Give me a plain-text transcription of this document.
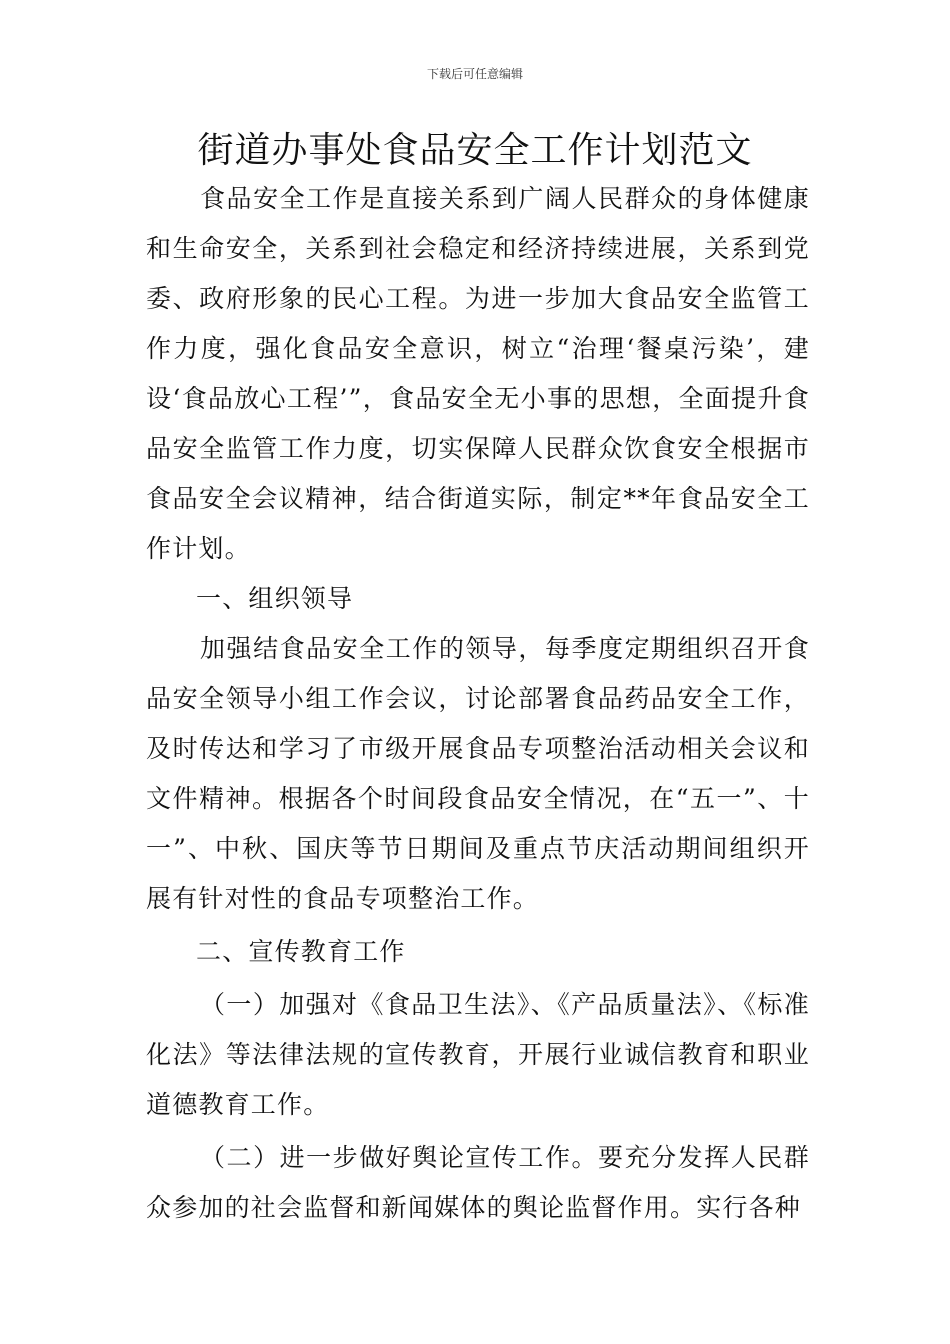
下载后可任意编辑
街道办事处食品安全工作计划范文

食品安全工作是直接关系到广阔人民群众的身体健康和生命安全，关系到社会稳定和经济持续进展，关系到党委、政府形象的民心工程。为进一步加大食品安全监管工作力度，强化食品安全意识，树立“治理‘餐桌污染’，建设‘食品放心工程’”，食品安全无小事的思想，全面提升食品安全监管工作力度，切实保障人民群众饮食安全根据市食品安全会议精神，结合街道实际，制定**年食品安全工作计划。

一、组织领导

加强结食品安全工作的领导，每季度定期组织召开食品安全领导小组工作会议，讨论部署食品药品安全工作，及时传达和学习了市级开展食品专项整治活动相关会议和文件精神。根据各个时间段食品安全情况，在“五一”、十一”、中秋、国庆等节日期间及重点节庆活动期间组织开展有针对性的食品专项整治工作。

二、宣传教育工作

（一）加强对《食品卫生法》、《产品质量法》、《标准化法》等法律法规的宣传教育，开展行业诚信教育和职业道德教育工作。

（二）进一步做好舆论宣传工作。要充分发挥人民群众参加的社会监督和新闻媒体的舆论监督作用。实行各种
